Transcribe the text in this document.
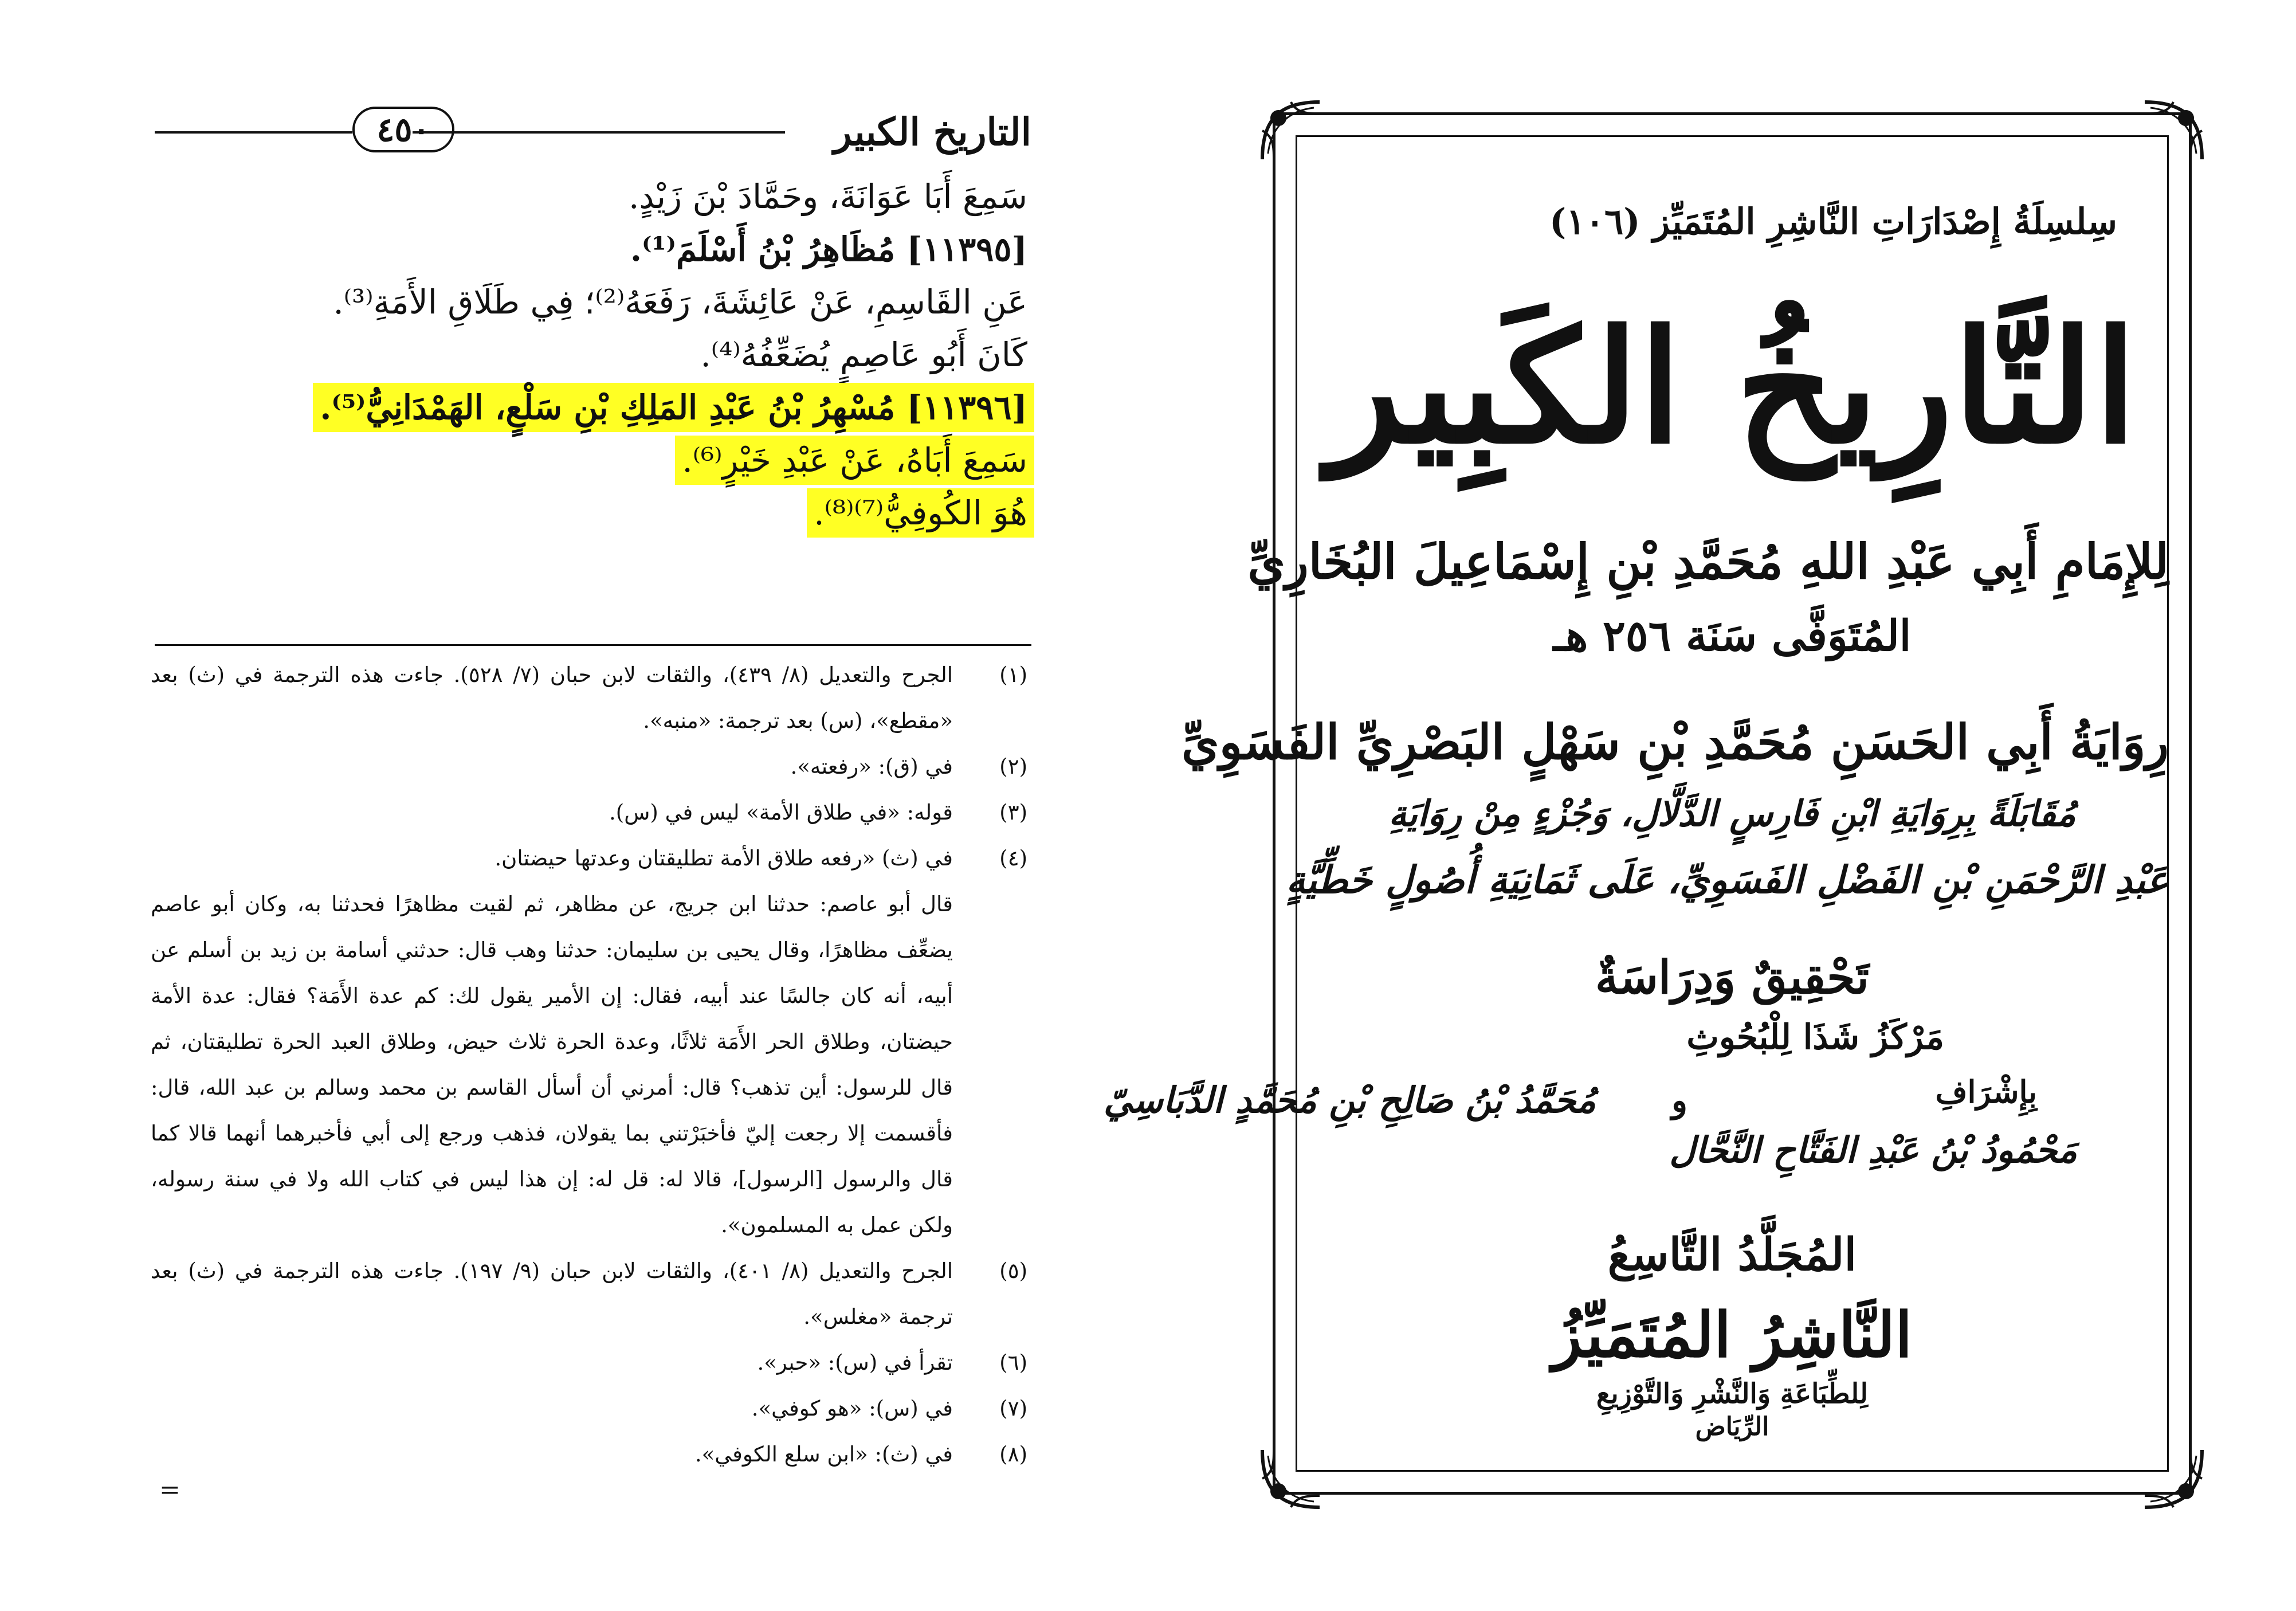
٤٥٠	التاريخ الكبير
سَمِعَ أَبَا عَوَانَةَ، وحَمَّادَ بْنَ زَيْدٍ.
[١١٣٩٥] مُظَاهِرُ بْنُ أَسْلَمَ⁽¹⁾.
عَنِ القَاسِمِ، عَنْ عَائِشَةَ، رَفَعَهُ⁽²⁾؛ فِي طَلَاقِ الأَمَةِ⁽³⁾.
كَانَ أَبُو عَاصِمٍ يُضَعِّفُهُ⁽⁴⁾.
[١١٣٩٦] مُسْهِرُ بْنُ عَبْدِ المَلِكِ بْنِ سَلْعٍ، الهَمْدَانِيُّ⁽⁵⁾.
سَمِعَ أَبَاهُ، عَنْ عَبْدِ خَيْرٍ⁽⁶⁾.
هُوَ الكُوفِيُّ⁽⁷⁾⁽⁸⁾.
(١)
الجرح والتعديل (٨/ ٤٣٩)، والثقات لابن حبان (٧/ ٥٢٨). جاءت هذه الترجمة في (ث) بعد «مقطع»، (س) بعد ترجمة: «منبه».
(٢)
في (ق): «رفعته».
(٣)
قوله: «في طلاق الأمة» ليس في (س).
(٤)
في (ث) «رفعه طلاق الأمة تطليقتان وعدتها حيضتان.
قال أبو عاصم: حدثنا ابن جريج، عن مظاهر، ثم لقيت مظاهرًا فحدثنا به، وكان أبو عاصم يضعِّف مظاهرًا، وقال يحيى بن سليمان: حدثنا وهب قال: حدثني أسامة بن زيد بن أسلم عن أبيه، أنه كان جالسًا عند أبيه، فقال: إن الأمير يقول لك: كم عدة الأَمَة؟ فقال: عدة الأمة حيضتان، وطلاق الحر الأَمَة ثلاثًا، وعدة الحرة ثلاث حيض، وطلاق العبد الحرة تطليقتان، ثم قال للرسول: أين تذهب؟ قال: أمرني أن أسأل القاسم بن محمد وسالم بن عبد الله، قال: فأقسمت إلا رجعت إليّ فأخبَرْتني بما يقولان، فذهب ورجع إلى أبي فأخبرهما أنهما قالا كما قال والرسول [الرسول]، قالا له: قل له: إن هذا ليس في كتاب الله ولا في سنة رسوله، ولكن عمل به المسلمون».
(٥)
الجرح والتعديل (٨/ ٤٠١)، والثقات لابن حبان (٩/ ١٩٧). جاءت هذه الترجمة في (ث) بعد ترجمة «مغلس».
(٦)
تقرأ في (س): «حبر».
(٧)
في (س): «هو كوفي».
(٨)
في (ث): «ابن سلع الكوفي».
=
سِلسِلَةُ إِصْدَارَاتِ النَّاشِرِ المُتَمَيِّز (١٠٦)
التَّارِيخُ الكَبِير
لِلإِمَامِ أَبِي عَبْدِ اللهِ مُحَمَّدِ بْنِ إِسْمَاعِيلَ البُخَارِيِّ
المُتَوَفَّى سَنَة ٢٥٦ هـ
رِوَايَةُ أَبِي الحَسَنِ مُحَمَّدِ بْنِ سَهْلٍ البَصْرِيِّ الفَسَوِيِّ
مُقَابَلَةً بِرِوَايَةِ ابْنِ فَارِسٍ الدَّلَّالِ، وَجُزْءٍ مِنْ رِوَايَةِ
عَبْدِ الرَّحْمَنِ بْنِ الفَضْلِ الفَسَوِيِّ، عَلَى ثَمَانِيَةِ أُصُولٍ خَطِّيَّةٍ
تَحْقِيقٌ وَدِرَاسَةٌ
مَرْكَزُ شَذَا لِلْبُحُوثِ
مُحَمَّدُ بْنُ صَالِحِ بْنِ مُحَمَّدٍ الدَّبَاسِيّ و	بِإِشْرَافِ
مَحْمُودُ بْنُ عَبْدِ الفَتَّاحِ النَّحَّال
المُجَلَّدُ التَّاسِعُ
النَّاشِرُ المُتَمَيِّزُ
لِلطِّبَاعَةِ وَالنَّشْرِ وَالتَّوْزِيعِ
الرِّيَاض
